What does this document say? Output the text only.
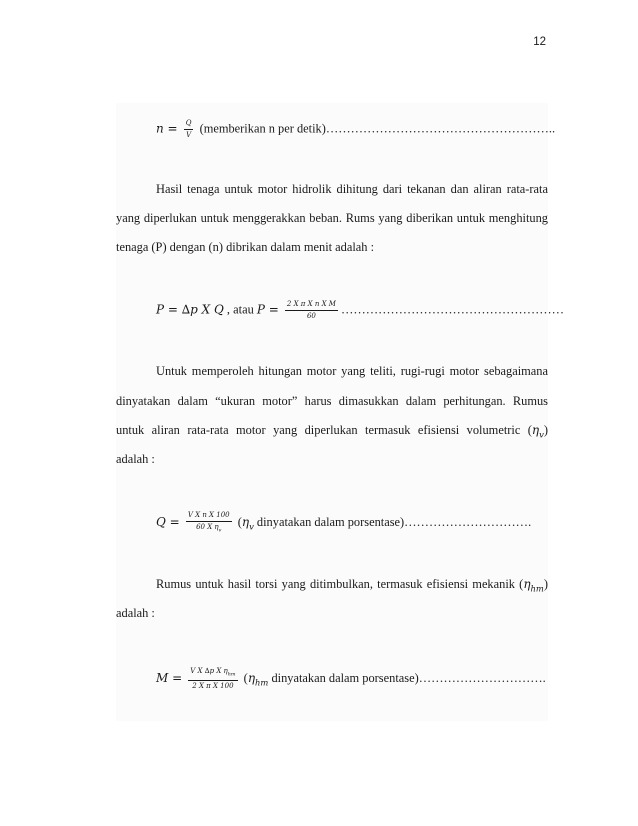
12
$n = \frac{Q}{V}$ (memberikan n per detik)………………………………………………..
Hasil tenaga untuk motor hidrolik dihitung dari tekanan dan aliran rata-rata
yang diperlukan untuk menggerakkan beban. Rums yang diberikan untuk menghitung
tenaga (P) dengan (n) dibrikan dalam menit adalah :
P = ∆p X Q , atau $P = \frac{\text{2 X π X n X M}}{60}$ ………………………………………………
Untuk memperoleh hitungan motor yang teliti, rugi-rugi motor sebagaimana
dinyatakan dalam “ukuran motor” harus dimasukkan dalam perhitungan. Rumus
untuk aliran rata-rata motor yang diperlukan termasuk efisiensi volumetric $(\eta_v)$
adalah :
$Q = \frac{\text{V X n X 100}}{60 X \eta_v} (\eta_v$ dinyatakan dalam porsentase)………………………….
Rumus untuk hasil torsi yang ditimbulkan, termasuk efisiensi mekanik $(\eta_{hm})$
adalah :
$M = \frac{V X \Delta p X \eta_{hm}}{\text{2 X π X 100}} (\eta_{hm}$ dinyatakan dalam porsentase)………………………….
